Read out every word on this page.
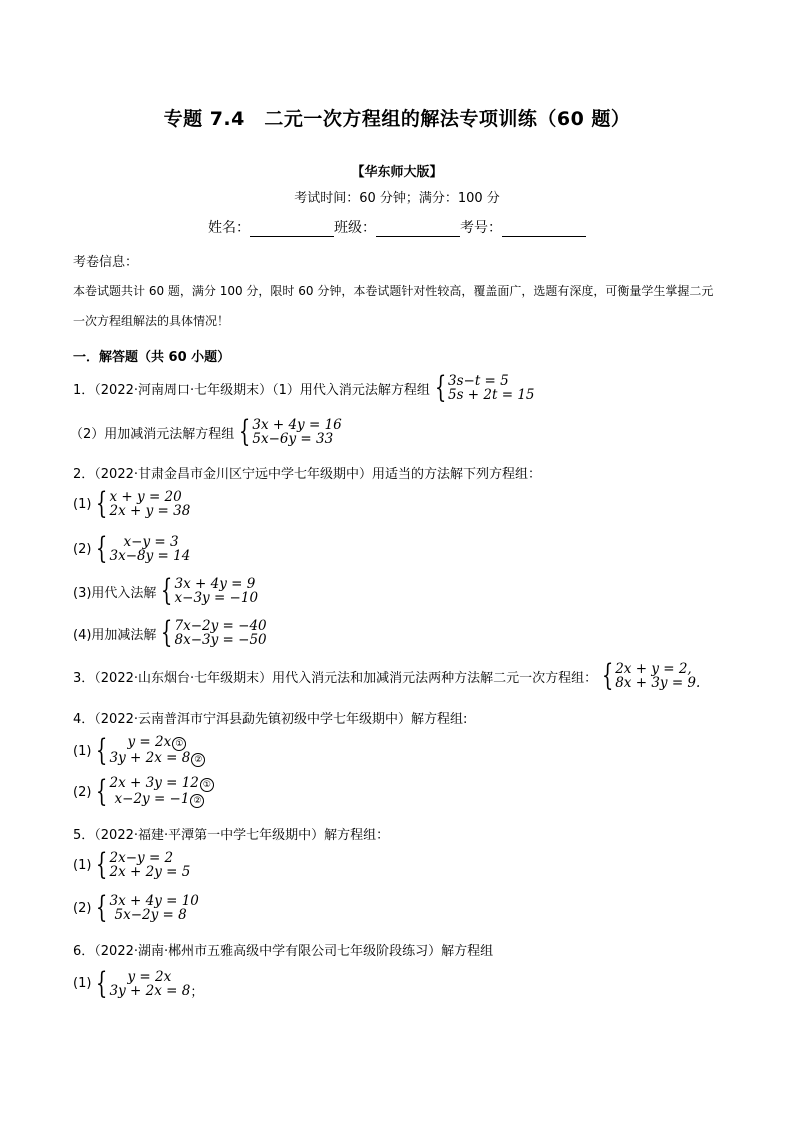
专题 7.4　二元一次方程组的解法专项训练（60 题）
【华东师大版】
考试时间：60 分钟；满分：100 分
姓名：	班级：	考号：
考卷信息：
本卷试题共计 60 题，满分 100 分，限时 60 分钟，本卷试题针对性较高，覆盖面广，选题有深度，可衡量学生掌握二元一次方程组解法的具体情况！
一．解答题（共 60 小题）
1．（2022·河南周口·七年级期末）（1）用代入消元法解方程组 { 3s−t = 5
5s + 2t = 15
（2）用加减消元法解方程组 { 3x + 4y = 16
5x−6y = 33
2．（2022·甘肃金昌市金川区宁远中学七年级期中）用适当的方法解下列方程组：
(1) { x + y = 20
2x + y = 38
(2) {	x−y = 3
3x−8y = 14
(3)用代入法解 { 3x + 4y = 9
x−3y = −10
(4)用加减法解 { 7x−2y = −40
8x−3y = −50
3．（2022·山东烟台·七年级期末）用代入消元法和加减消元法两种方法解二元一次方程组： { 2x + y = 2,
8x + 3y = 9.
4．（2022·云南普洱市宁洱县勐先镇初级中学七年级期中）解方程组:
(1) {	y = 2x ①
3y + 2x = 8 ②
(2) { 2x + 3y = 12 ①
x−2y = −1 ②
5．（2022·福建·平潭第一中学七年级期中）解方程组：
(1) { 2x−y = 2
2x + 2y = 5
(2) { 3x + 4y = 10
5x−2y = 8
6．（2022·湖南·郴州市五雅高级中学有限公司七年级阶段练习）解方程组
(1) {	y = 2x
3y + 2x = 8 ；
